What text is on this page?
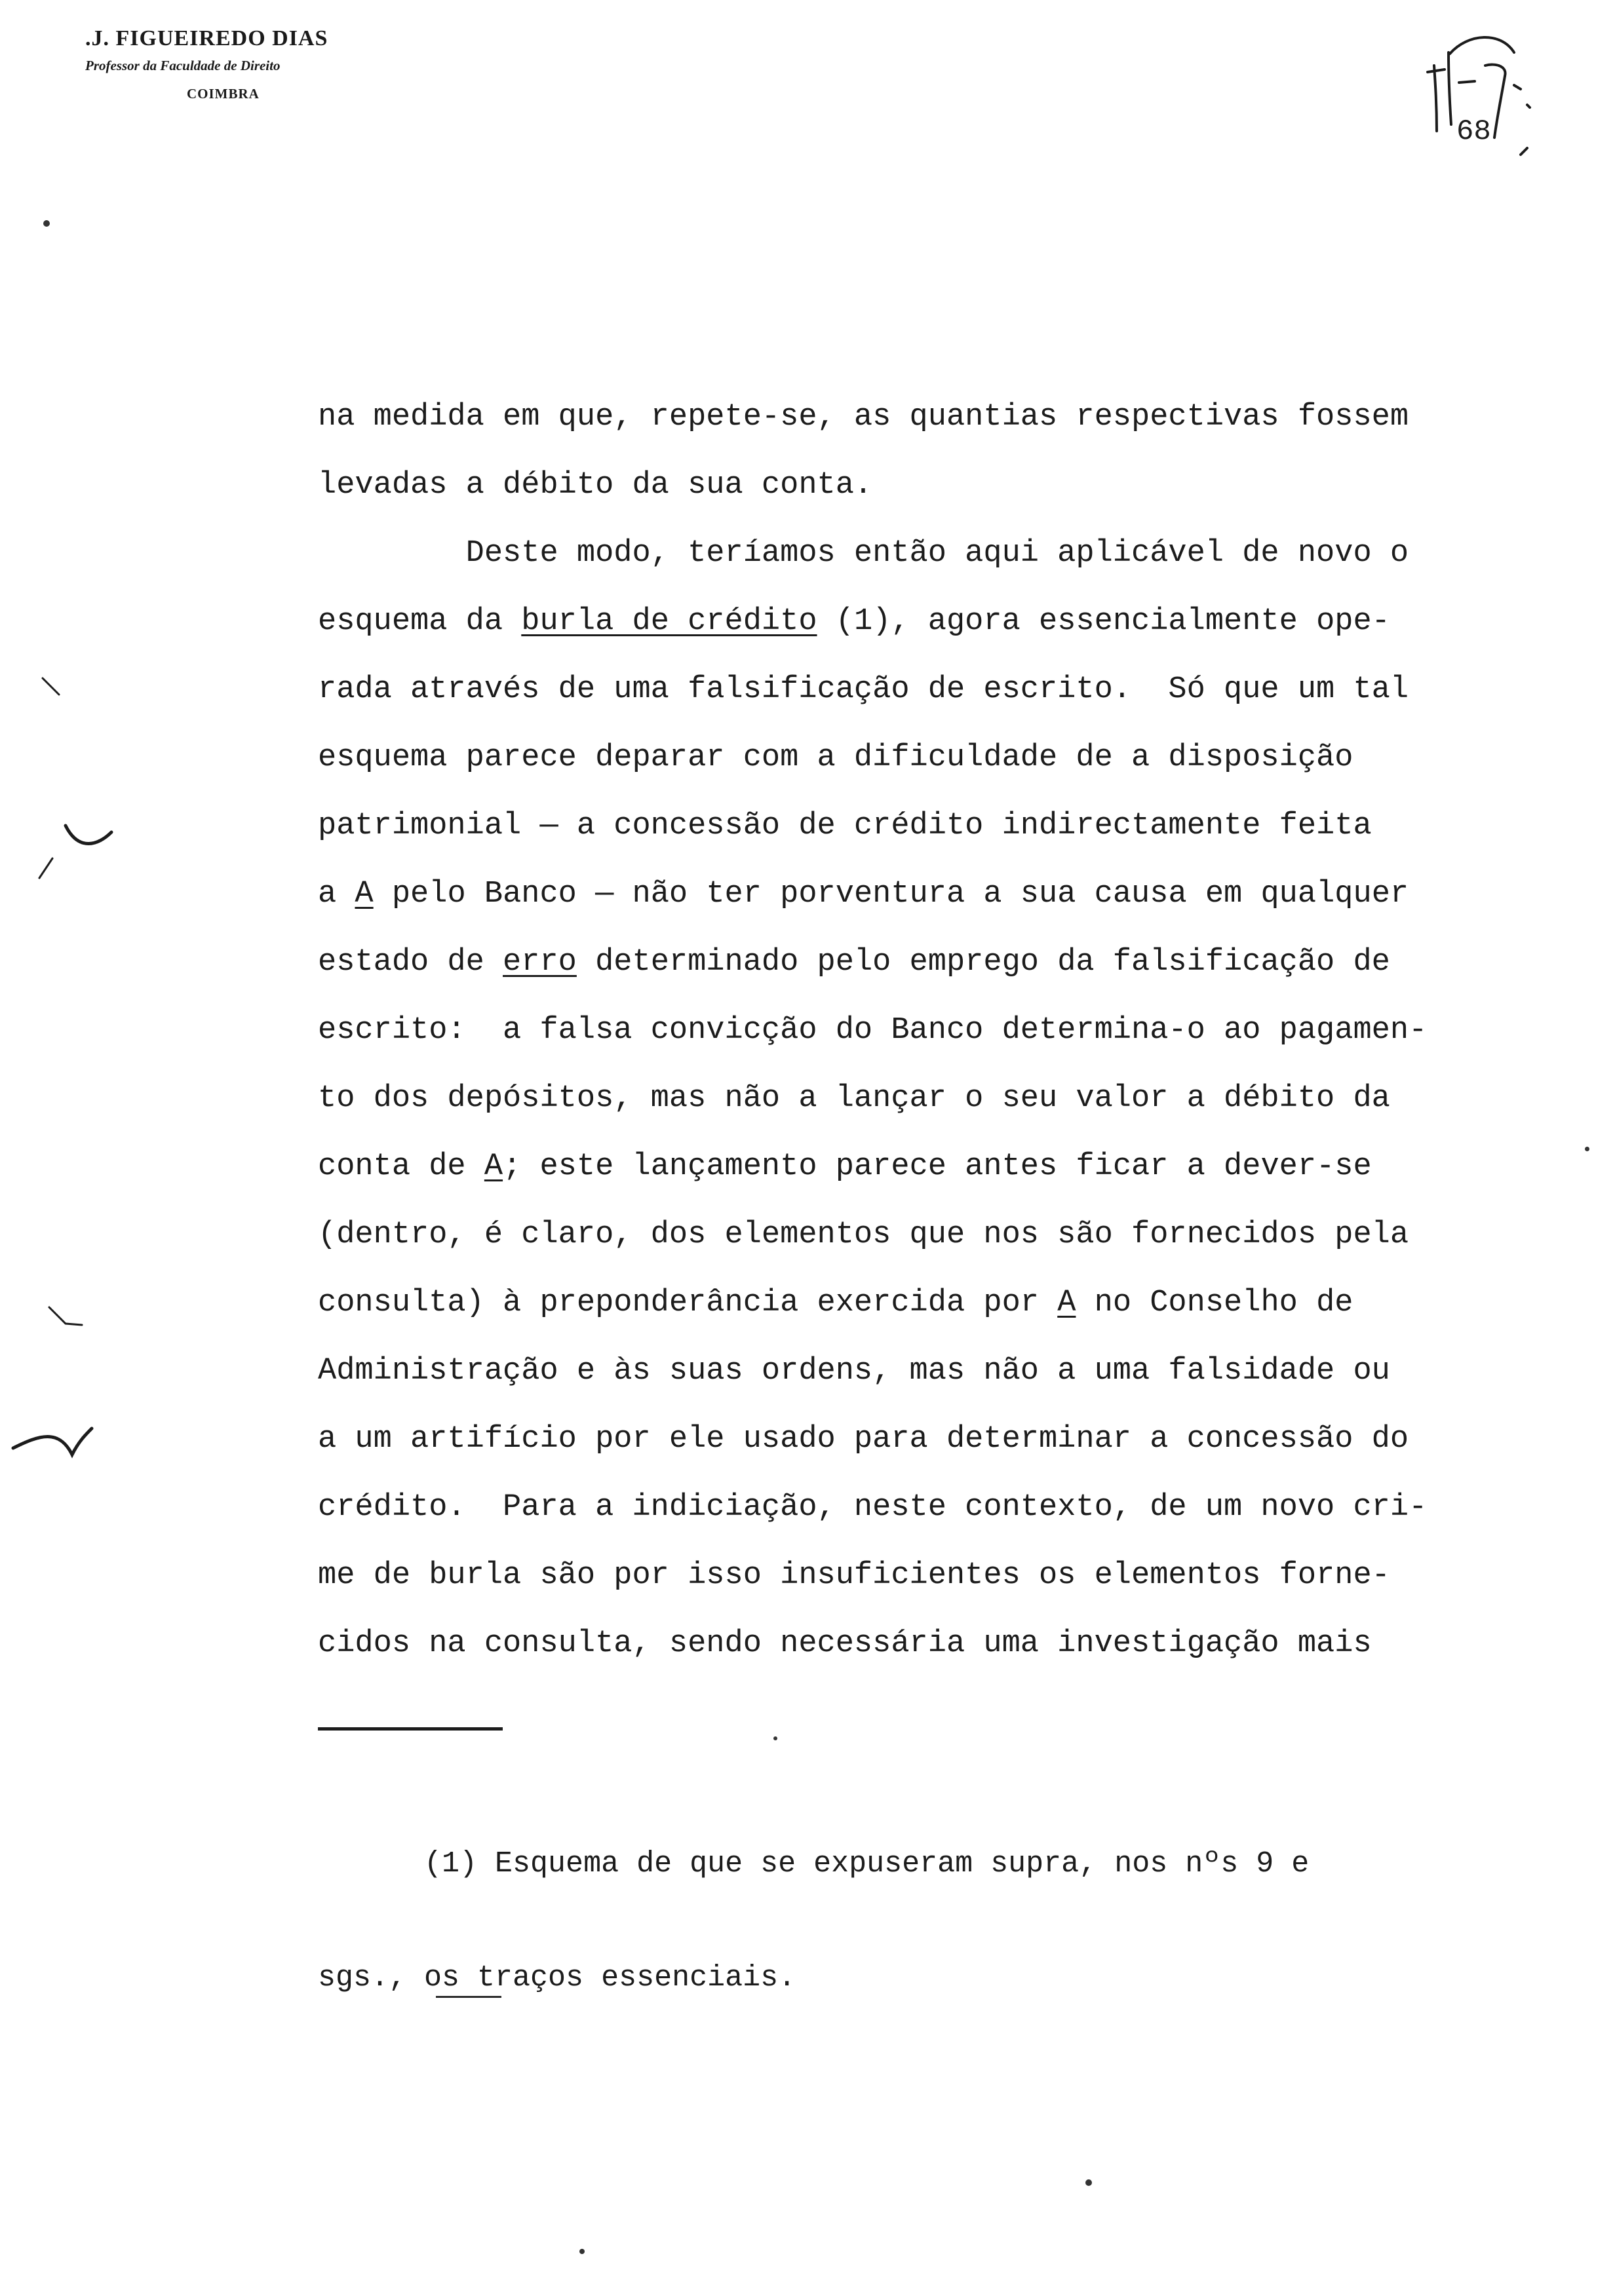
.J. FIGUEIREDO DIAS
Professor da Faculdade de Direito
COIMBRA
68
na medida em que, repete-se, as quantias respectivas fossem
levadas a débito da sua conta.
Deste modo, teríamos então aqui aplicável de novo o
esquema da burla de crédito (1), agora essencialmente ope-
rada através de uma falsificação de escrito.  Só que um tal
esquema parece deparar com a dificuldade de a disposição
patrimonial — a concessão de crédito indirectamente feita
a A pelo Banco — não ter porventura a sua causa em qualquer
estado de erro determinado pelo emprego da falsificação de
escrito:  a falsa convicção do Banco determina-o ao pagamen-
to dos depósitos, mas não a lançar o seu valor a débito da
conta de A; este lançamento parece antes ficar a dever-se
(dentro, é claro, dos elementos que nos são fornecidos pela
consulta) à preponderância exercida por A no Conselho de
Administração e às suas ordens, mas não a uma falsidade ou
a um artifício por ele usado para determinar a concessão do
crédito.  Para a indiciação, neste contexto, de um novo cri-
me de burla são por isso insuficientes os elementos forne-
cidos na consulta, sendo necessária uma investigação mais

(1) Esquema de que se expuseram supra, nos nºs 9 e

sgs., os traços essenciais.
